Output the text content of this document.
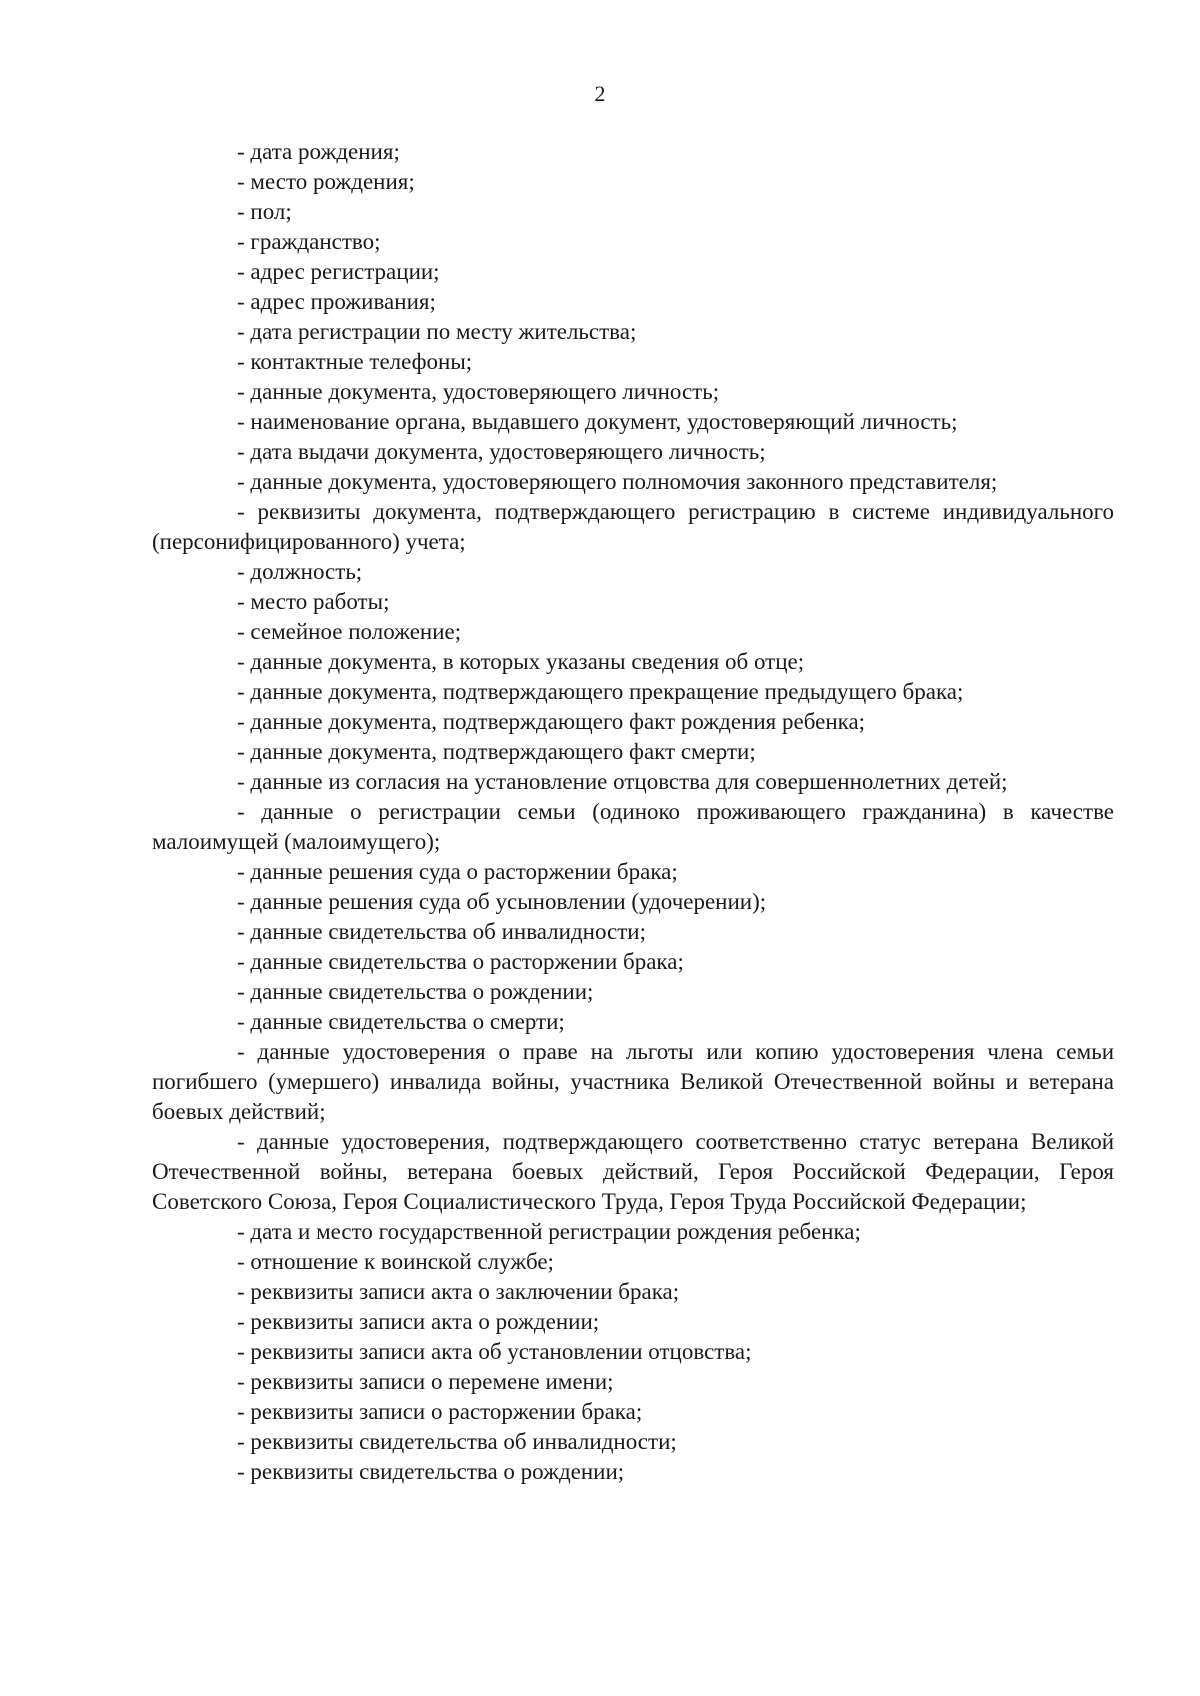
2

- дата рождения;

- место рождения;

- пол;

- гражданство;

- адрес регистрации;

- адрес проживания;

- дата регистрации по месту жительства;

- контактные телефоны;

- данные документа, удостоверяющего личность;

- наименование органа, выдавшего документ, удостоверяющий личность;

- дата выдачи документа, удостоверяющего личность;

- данные документа, удостоверяющего полномочия законного представителя;

- реквизиты документа, подтверждающего регистрацию в системе индивидуального (персонифицированного) учета;

- должность;

- место работы;

- семейное положение;

- данные документа, в которых указаны сведения об отце;

- данные документа, подтверждающего прекращение предыдущего брака;

- данные документа, подтверждающего факт рождения ребенка;

- данные документа, подтверждающего факт смерти;

- данные из согласия на установление отцовства для совершеннолетних детей;

- данные о регистрации семьи (одиноко проживающего гражданина) в качестве малоимущей (малоимущего);

- данные решения суда о расторжении брака;

- данные решения суда об усыновлении (удочерении);

- данные свидетельства об инвалидности;

- данные свидетельства о расторжении брака;

- данные свидетельства о рождении;

- данные свидетельства о смерти;

- данные удостоверения о праве на льготы или копию удостоверения члена семьи погибшего (умершего) инвалида войны, участника Великой Отечественной войны и ветерана боевых действий;

- данные удостоверения, подтверждающего соответственно статус ветерана Великой Отечественной войны, ветерана боевых действий, Героя Российской Федерации, Героя Советского Союза, Героя Социалистического Труда, Героя Труда Российской Федерации;

- дата и место государственной регистрации рождения ребенка;

- отношение к воинской службе;

- реквизиты записи акта о заключении брака;

- реквизиты записи акта о рождении;

- реквизиты записи акта об установлении отцовства;

- реквизиты записи о перемене имени;

- реквизиты записи о расторжении брака;

- реквизиты свидетельства об инвалидности;

- реквизиты свидетельства о рождении;
